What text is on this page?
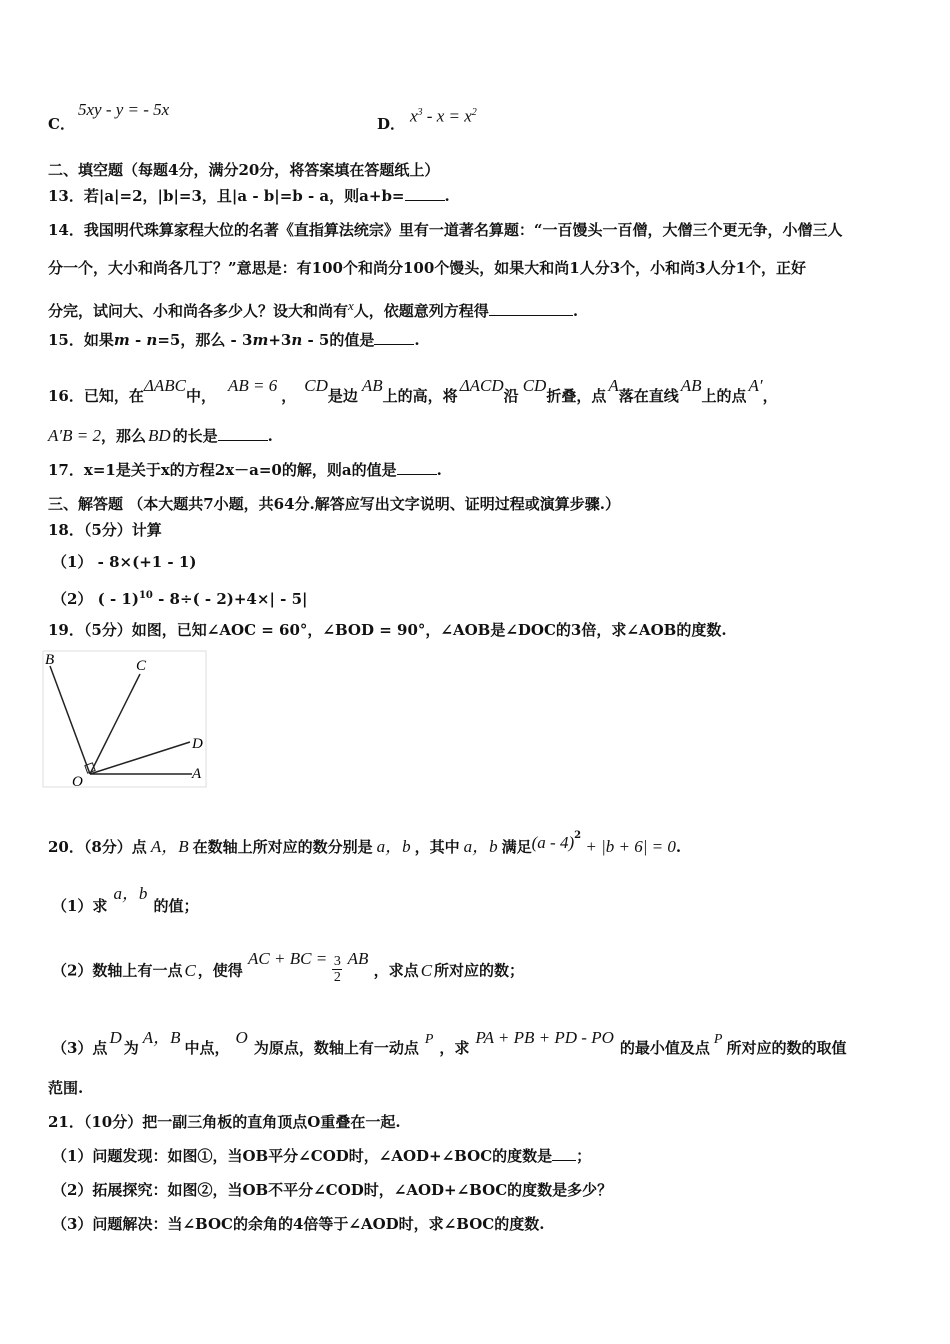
C．
5xy - y = - 5x
D． $x^3 - x = x^2$
二、填空题（每题4分，满分20分，将答案填在答题纸上）
13．若|a|=2，|b|=3，且|a - b|=b - a，则a+b=	.
14．我国明代珠算家程大位的名著《直指算法统宗》里有一道著名算题：“一百馒头一百僧，大僧三个更无争，小僧三人
分一个，大小和尚各几丁？”意思是：有100个和尚分100个馒头，如果大和尚1人分3个，小和尚3人分1个，正好
分完，试问大、小和尚各多少人？设大和尚有x人，依题意列方程得	.
15．如果m - n=5，那么 - 3m+3n - 5的值是	.
16．已知，在ΔABC中，AB = 6，CD是边AB上的高，将ΔACD沿CD折叠，点A落在直线AB上的点A′，
A′B = 2，那么 BD 的长是	.
17．x=1是关于x的方程2x－a=0的解，则a的值是	.
三、解答题 （本大题共7小题，共64分.解答应写出文字说明、证明过程或演算步骤.）
18．（5分）计算
（1） - 8×(+1 - 1)
（2） ( - 1)$^{10}$ - 8÷( - 2)+4×| - 5|
19．（5分）如图，已知∠AOC = 60°，∠BOD = 90°，∠AOB是∠DOC的3倍，求∠AOB的度数.
B	C
D
O	A
20．（8分）点 A，B 在数轴上所对应的数分别是 a，b ，其中 a，b 满足(a - 4)$^2$ + |b + 6| = 0.
（1）求a，b的值；
（2）数轴上有一点 C ，使得 AC + BC = $\frac{3}{2}$ AB ，求点 C 所对应的数；
（3）点D为A，B中点，O为原点，数轴上有一动点 P ，求PA + PB + PD - PO的最小值及点 P 所对应的数的取值
范围.
21．（10分）把一副三角板的直角顶点O重叠在一起.
（1）问题发现：如图①，当OB平分∠COD时，∠AOD+∠BOC的度数是 ；
（2）拓展探究：如图②，当OB不平分∠COD时，∠AOD+∠BOC的度数是多少？
（3）问题解决：当∠BOC的余角的4倍等于∠AOD时，求∠BOC的度数.
